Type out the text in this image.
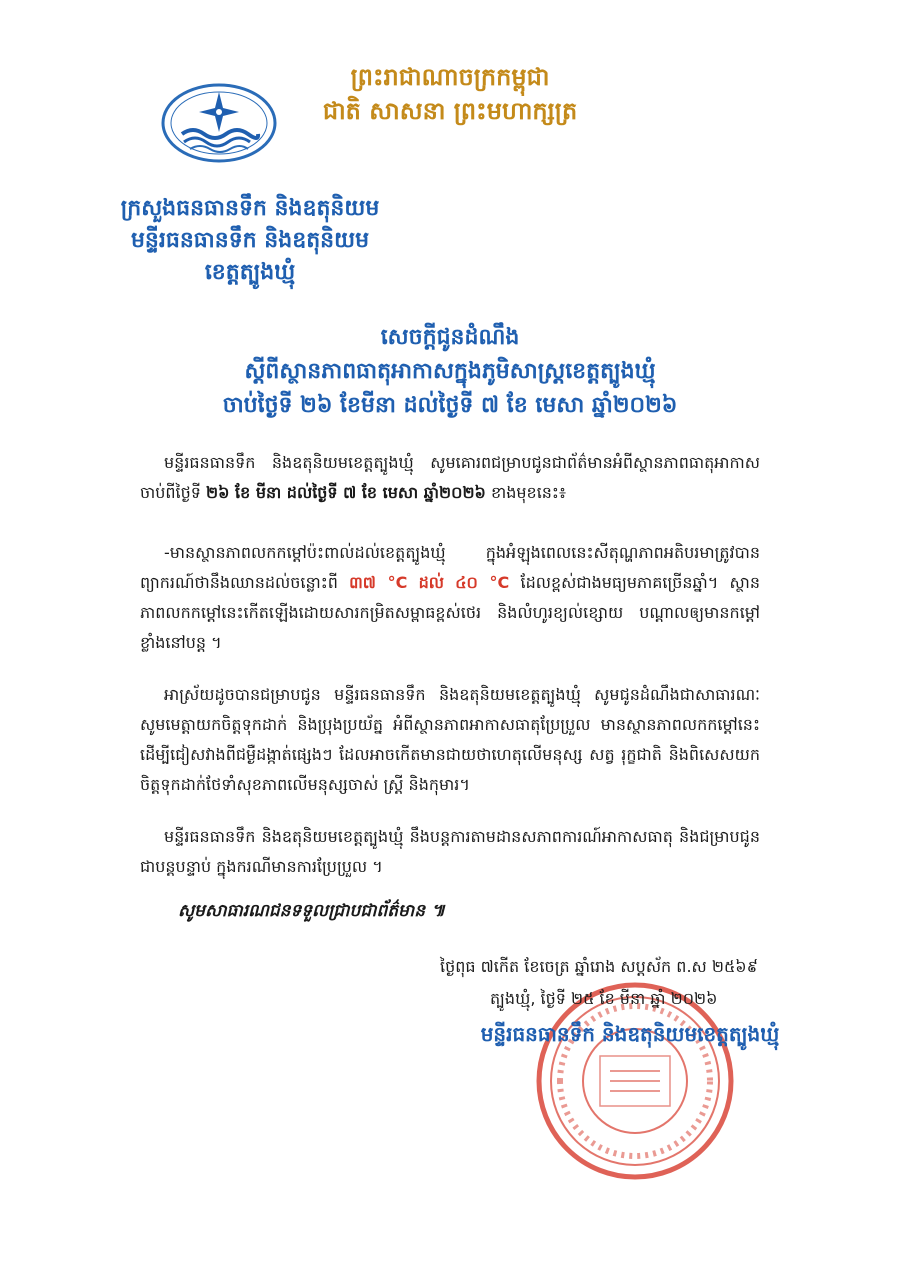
ព្រះរាជាណាចក្រកម្ពុជា
ជាតិ សាសនា ព្រះមហាក្សត្រ
ក្រសួងធនធានទឹក និងឧតុនិយម
មន្ទីរធនធានទឹក និងឧតុនិយម
ខេត្តត្បូងឃ្មុំ
សេចក្តីជូនដំណឹង
ស្តីពីស្ថានភាពធាតុអាកាសក្នុងភូមិសាស្ត្រខេត្តត្បូងឃ្មុំ
ចាប់ថ្ងៃទី ២៦ ខែមីនា ដល់ថ្ងៃទី ៧ ខែ មេសា ឆ្នាំ២០២៦
មន្ទីរធនធានទឹក និងឧតុនិយមខេត្តត្បូងឃ្មុំ សូមគោរពជម្រាបជូនជាព័ត៌មានអំពីស្ថានភាពធាតុអាកាស ចាប់ពីថ្ងៃទី ២៦ ខែ មីនា ដល់ថ្ងៃទី ៧ ខែ មេសា ឆ្នាំ២០២៦ ខាងមុខនេះ៖
-មានស្ថានភាពលកកម្តៅប៉ះពាល់ដល់ខេត្តត្បូងឃ្មុំ ក្នុងអំឡុងពេលនេះសីតុណ្ហភាពអតិបរមាត្រូវបានព្យាករណ៍ថានឹងឈានដល់ចន្លោះពី ៣៧ °C ដល់ ៤០ °C ដែលខ្ពស់ជាងមធ្យមភាគច្រើនឆ្នាំ។ ស្ថានភាពលកកម្តៅនេះកើតឡើងដោយសារកម្រិតសម្ពាធខ្ពស់ថេរ និងលំហូរខ្យល់ខ្សោយ បណ្តាលឲ្យមានកម្តៅខ្លាំងនៅបន្ត ។
អាស្រ័យដូចបានជម្រាបជូន មន្ទីរធនធានទឹក និងឧតុនិយមខេត្តត្បូងឃ្មុំ សូមជូនដំណឹងជាសាធារណៈ សូមមេត្តាយកចិត្តទុកដាក់ និងប្រុងប្រយ័ត្ន អំពីស្ថានភាពអាកាសធាតុប្រែប្រួល មានស្ថានភាពលកកម្តៅនេះ ដើម្បីជៀសវាងពីជម្ងឺដង្កាត់ផ្សេងៗ ដែលអាចកើតមានជាយថាហេតុលើមនុស្ស សត្វ រុក្ខជាតិ និងពិសេសយកចិត្តទុកដាក់ថែទាំសុខភាពលើមនុស្សចាស់ ស្ត្រី និងកុមារ។
មន្ទីរធនធានទឹក និងឧតុនិយមខេត្តត្បូងឃ្មុំ នឹងបន្តការតាមដានសភាពការណ៍អាកាសធាតុ និងជម្រាបជូនជាបន្តបន្ទាប់ ក្នុងករណីមានការប្រែប្រួល ។
សូមសាធារណជនទទួលជ្រាបជាព័ត៌មាន ៕
ថ្ងៃពុធ ៧កើត ខែចេត្រ ឆ្នាំរោង សប្តស័ក ព.ស ២៥៦៩
ត្បូងឃ្មុំ, ថ្ងៃទី ២៥ ខែ មីនា ឆ្នាំ ២០២៦
មន្ទីរធនធានទឹក និងឧតុនិយមខេត្តត្បូងឃ្មុំ
